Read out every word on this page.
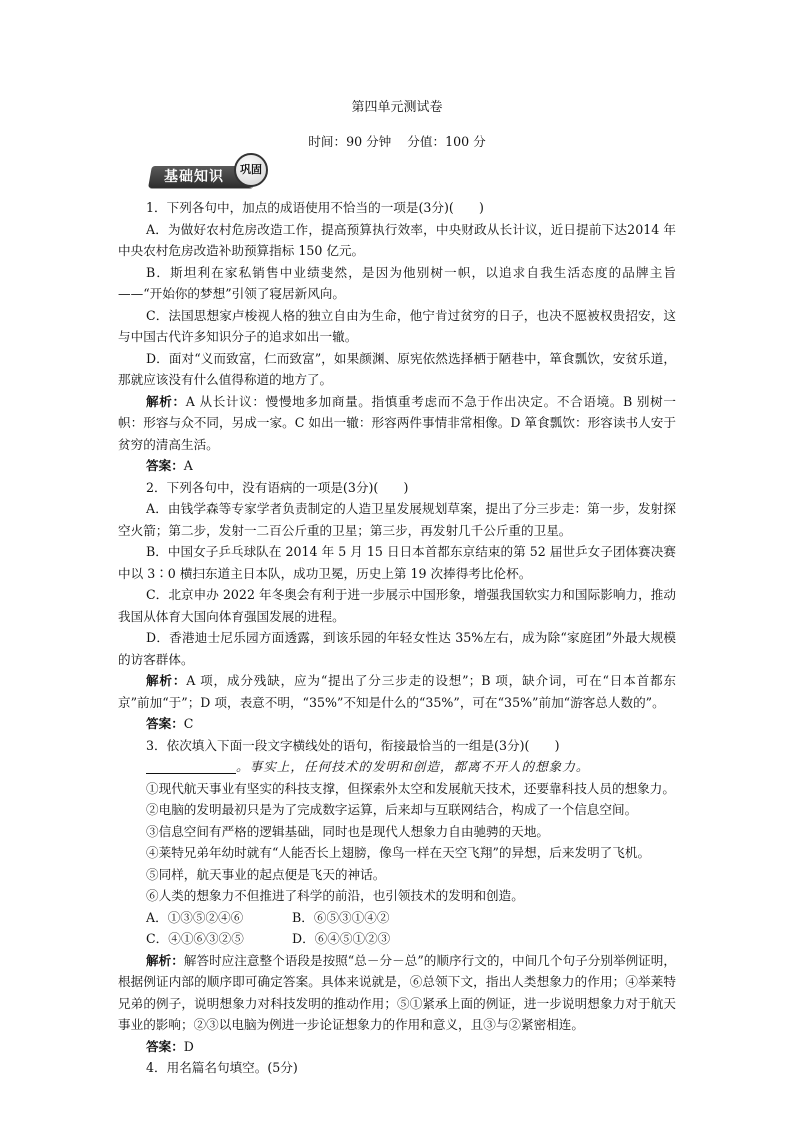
第四单元测试卷
时间：90 分钟 分值：100 分
基础知识	巩固

1．下列各句中，加点的成语使用不恰当的一项是(3分)(　　)

A．为做好农村危房改造工作，提高预算执行效率，中央财政从长计议，近日提前下达2014 年中央农村危房改造补助预算指标 150 亿元。

B．斯坦利在家私销售中业绩斐然，是因为他别树一帜，以追求自我生活态度的品牌主旨——“开始你的梦想”引领了寝居新风向。

C．法国思想家卢梭视人格的独立自由为生命，他宁肯过贫穷的日子，也决不愿被权贵招安，这与中国古代许多知识分子的追求如出一辙。

D．面对“义而致富，仁而致富”，如果颜渊、原宪依然选择栖于陋巷中，箪食瓢饮，安贫乐道，那就应该没有什么值得称道的地方了。

解析：A 从长计议：慢慢地多加商量。指慎重考虑而不急于作出决定。不合语境。B 别树一帜：形容与众不同，另成一家。C 如出一辙：形容两件事情非常相像。D 箪食瓢饮：形容读书人安于贫穷的清高生活。

答案：A

2．下列各句中，没有语病的一项是(3分)(　　)

A．由钱学森等专家学者负责制定的人造卫星发展规划草案，提出了分三步走：第一步，发射探空火箭；第二步，发射一二百公斤重的卫星；第三步，再发射几千公斤重的卫星。

B．中国女子乒乓球队在 2014 年 5 月 15 日日本首都东京结束的第 52 届世乒女子团体赛决赛中以 3∶0 横扫东道主日本队，成功卫冕，历史上第 19 次捧得考比伦杯。

C．北京申办 2022 年冬奥会有利于进一步展示中国形象，增强我国软实力和国际影响力，推动我国从体育大国向体育强国发展的进程。

D．香港迪士尼乐园方面透露，到该乐园的年轻女性达 35%左右，成为除“家庭团”外最大规模的访客群体。

解析：A 项，成分残缺，应为“提出了分三步走的设想”；B 项，缺介词，可在“日本首都东京”前加“于”；D 项，表意不明，“35%”不知是什么的“35%”，可在“35%”前加“游客总人数的”。

答案：C

3．依次填入下面一段文字横线处的语句，衔接最恰当的一组是(3分)(　　)

。事实上，任何技术的发明和创造，都离不开人的想象力。

①现代航天事业有坚实的科技支撑，但探索外太空和发展航天技术，还要靠科技人员的想象力。

②电脑的发明最初只是为了完成数字运算，后来却与互联网结合，构成了一个信息空间。

③信息空间有严格的逻辑基础，同时也是现代人想象力自由驰骋的天地。

④莱特兄弟年幼时就有“人能否长上翅膀，像鸟一样在天空飞翔”的异想，后来发明了飞机。

⑤同样，航天事业的起点便是飞天的神话。

⑥人类的想象力不但推进了科学的前沿，也引领技术的发明和创造。

A．①③⑤②④⑥	B．⑥⑤③①④②

C．④①⑥③②⑤	D．⑥④⑤①②③

解析：解答时应注意整个语段是按照“总－分－总”的顺序行文的，中间几个句子分别举例证明，根据例证内部的顺序即可确定答案。具体来说就是，⑥总领下文，指出人类想象力的作用；④举莱特兄弟的例子，说明想象力对科技发明的推动作用；⑤①紧承上面的例证，进一步说明想象力对于航天事业的影响；②③以电脑为例进一步论证想象力的作用和意义，且③与②紧密相连。

答案：D

4．用名篇名句填空。(5分)
